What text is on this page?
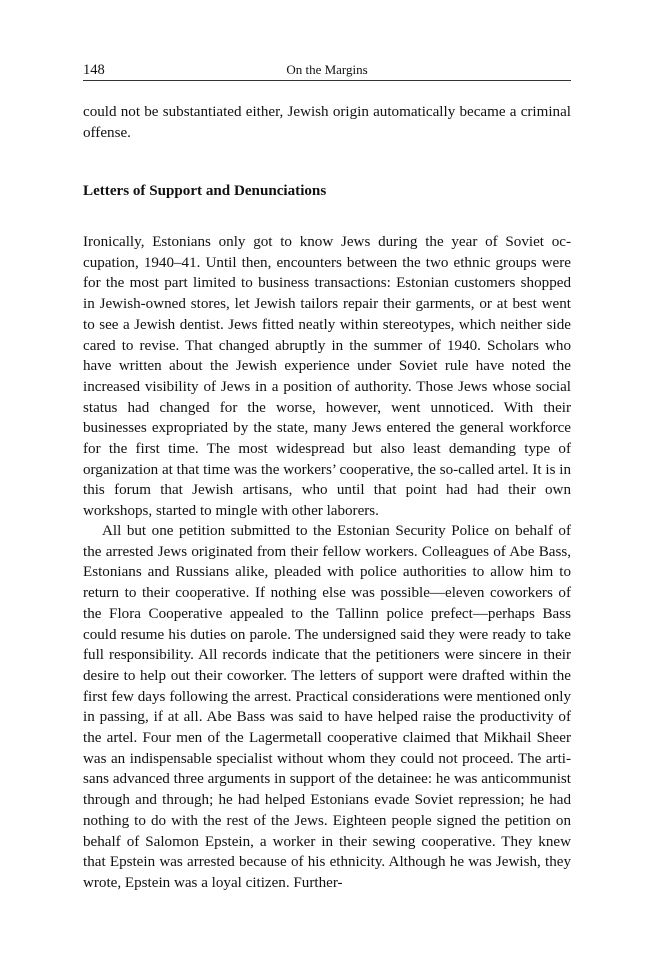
148	On the Margins

could not be substantiated either, Jewish origin automatically became a criminal offense.

Letters of Support and Denunciations

Ironically, Estonians only got to know Jews during the year of Soviet occupation, 1940–41. Until then, encounters between the two ethnic groups were for the most part limited to business transactions: Estonian customers shopped in Jewish-owned stores, let Jewish tailors repair their garments, or at best went to see a Jewish dentist. Jews fitted neatly within stereotypes, which neither side cared to revise. That changed abruptly in the summer of 1940. Scholars who have written about the Jewish experience under Soviet rule have noted the increased visibility of Jews in a position of authority. Those Jews whose social status had changed for the worse, however, went unnoticed. With their businesses expropriated by the state, many Jews entered the general workforce for the first time. The most widespread but also least demanding type of organization at that time was the workers’ cooperative, the so-called artel. It is in this forum that Jewish artisans, who until that point had had their own workshops, started to mingle with other laborers.

All but one petition submitted to the Estonian Security Police on behalf of the arrested Jews originated from their fellow workers. Colleagues of Abe Bass, Estonians and Russians alike, pleaded with police authorities to allow him to return to their cooperative. If nothing else was possible—eleven coworkers of the Flora Cooperative appealed to the Tallinn police prefect—perhaps Bass could resume his duties on parole. The undersigned said they were ready to take full responsibility. All records indicate that the petitioners were sincere in their desire to help out their coworker. The letters of support were drafted within the first few days following the arrest. Practical considerations were mentioned only in passing, if at all. Abe Bass was said to have helped raise the productivity of the artel. Four men of the Lagermetall cooperative claimed that Mikhail Sheer was an indispensable specialist without whom they could not proceed. The artisans advanced three arguments in support of the detainee: he was anticommunist through and through; he had helped Estonians evade Soviet repression; he had nothing to do with the rest of the Jews. Eighteen people signed the petition on behalf of Salomon Epstein, a worker in their sewing cooperative. They knew that Epstein was arrested because of his ethnicity. Although he was Jewish, they wrote, Epstein was a loyal citizen. Further-
